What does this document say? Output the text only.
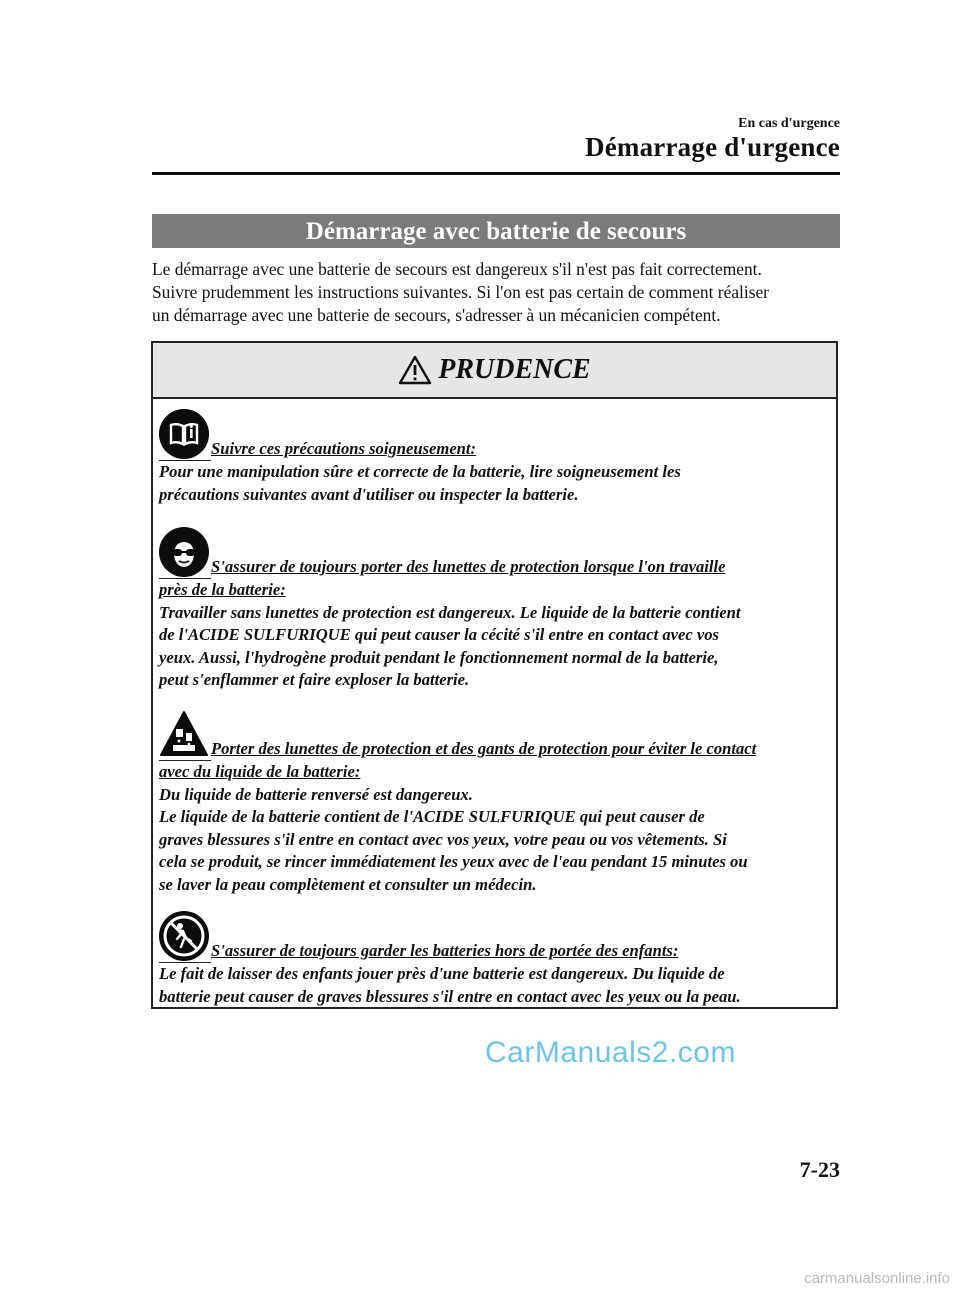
En cas d'urgence
Démarrage d'urgence
Démarrage avec batterie de secours

Le démarrage avec une batterie de secours est dangereux s'il n'est pas fait correctement.

Suivre prudemment les instructions suivantes. Si l'on est pas certain de comment réaliser

un démarrage avec une batterie de secours, s'adresser à un mécanicien compétent.

PRUDENCE
Suivre ces précautions soigneusement:
Pour une manipulation sûre et correcte de la batterie, lire soigneusement les
précautions suivantes avant d'utiliser ou inspecter la batterie.
S'assurer de toujours porter des lunettes de protection lorsque l'on travaille
près de la batterie:
Travailler sans lunettes de protection est dangereux. Le liquide de la batterie contient
de l'ACIDE SULFURIQUE qui peut causer la cécité s'il entre en contact avec vos
yeux. Aussi, l'hydrogène produit pendant le fonctionnement normal de la batterie,
peut s'enflammer et faire exploser la batterie.
Porter des lunettes de protection et des gants de protection pour éviter le contact
avec du liquide de la batterie:
Du liquide de batterie renversé est dangereux.
Le liquide de la batterie contient de l'ACIDE SULFURIQUE qui peut causer de
graves blessures s'il entre en contact avec vos yeux, votre peau ou vos vêtements. Si
cela se produit, se rincer immédiatement les yeux avec de l'eau pendant 15 minutes ou
se laver la peau complètement et consulter un médecin.
S'assurer de toujours garder les batteries hors de portée des enfants:
Le fait de laisser des enfants jouer près d'une batterie est dangereux. Du liquide de
batterie peut causer de graves blessures s'il entre en contact avec les yeux ou la peau.
CarManuals2.com
7-23
carmanualsonline.info
